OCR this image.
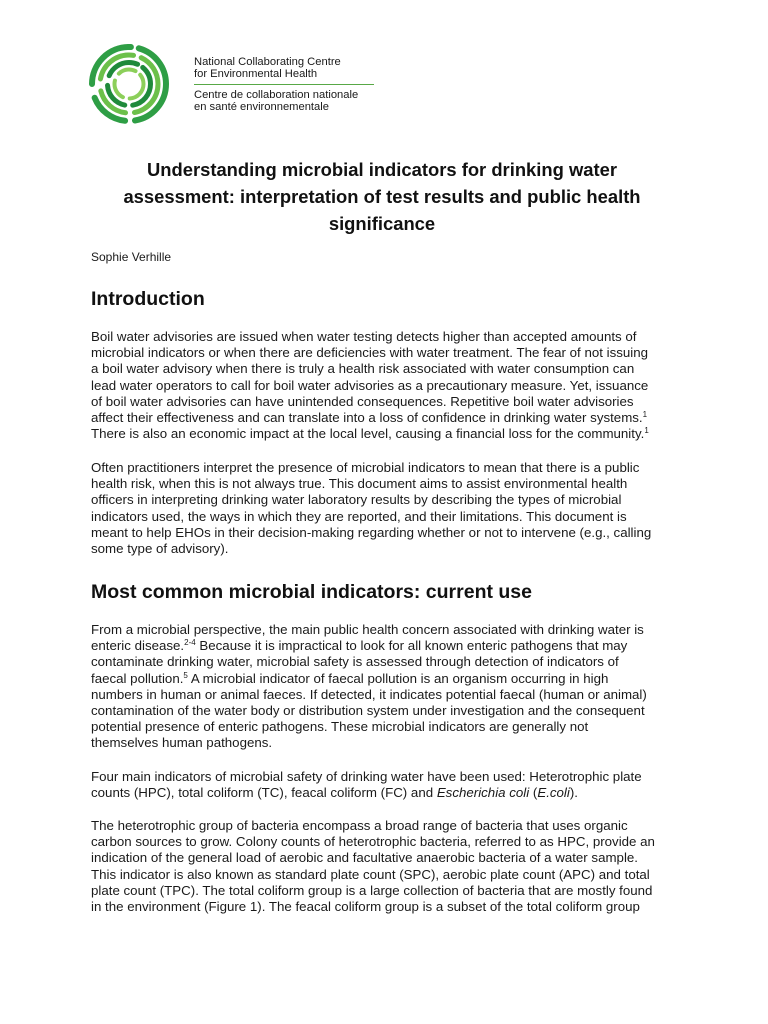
National Collaborating Centre
for Environmental Health
Centre de collaboration nationale
en santé environnementale
Understanding microbial indicators for drinking water
assessment: interpretation of test results and public health
significance
Sophie Verhille
Introduction
Boil water advisories are issued when water testing detects higher than accepted amounts of
microbial indicators or when there are deficiencies with water treatment. The fear of not issuing
a boil water advisory when there is truly a health risk associated with water consumption can
lead water operators to call for boil water advisories as a precautionary measure. Yet, issuance
of boil water advisories can have unintended consequences. Repetitive boil water advisories
affect their effectiveness and can translate into a loss of confidence in drinking water systems.$^1$
There is also an economic impact at the local level, causing a financial loss for the community.$^1$
Often practitioners interpret the presence of microbial indicators to mean that there is a public
health risk, when this is not always true. This document aims to assist environmental health
officers in interpreting drinking water laboratory results by describing the types of microbial
indicators used, the ways in which they are reported, and their limitations. This document is
meant to help EHOs in their decision-making regarding whether or not to intervene (e.g., calling
some type of advisory).
Most common microbial indicators: current use
From a microbial perspective, the main public health concern associated with drinking water is
enteric disease.$^{2-4}$ Because it is impractical to look for all known enteric pathogens that may
contaminate drinking water, microbial safety is assessed through detection of indicators of
faecal pollution.$^5$ A microbial indicator of faecal pollution is an organism occurring in high
numbers in human or animal faeces. If detected, it indicates potential faecal (human or animal)
contamination of the water body or distribution system under investigation and the consequent
potential presence of enteric pathogens. These microbial indicators are generally not
themselves human pathogens.
Four main indicators of microbial safety of drinking water have been used: Heterotrophic plate
counts (HPC), total coliform (TC), feacal coliform (FC) and Escherichia coli (E.coli).
The heterotrophic group of bacteria encompass a broad range of bacteria that uses organic
carbon sources to grow. Colony counts of heterotrophic bacteria, referred to as HPC, provide an
indication of the general load of aerobic and facultative anaerobic bacteria of a water sample.
This indicator is also known as standard plate count (SPC), aerobic plate count (APC) and total
plate count (TPC). The total coliform group is a large collection of bacteria that are mostly found
in the environment (Figure 1). The feacal coliform group is a subset of the total coliform group
